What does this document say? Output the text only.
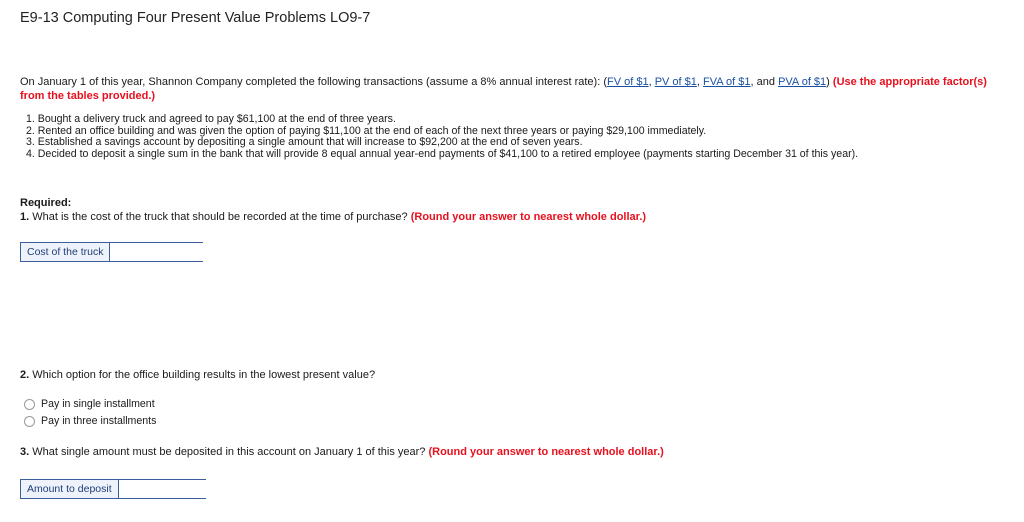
E9-13 Computing Four Present Value Problems LO9-7
On January 1 of this year, Shannon Company completed the following transactions (assume a 8% annual interest rate): (FV of $1, PV of $1, FVA of $1, and PVA of $1) (Use the appropriate factor(s) from the tables provided.)
1. Bought a delivery truck and agreed to pay $61,100 at the end of three years.
2. Rented an office building and was given the option of paying $11,100 at the end of each of the next three years or paying $29,100 immediately.
3. Established a savings account by depositing a single amount that will increase to $92,200 at the end of seven years.
4. Decided to deposit a single sum in the bank that will provide 8 equal annual year-end payments of $41,100 to a retired employee (payments starting December 31 of this year).
Required:
1. What is the cost of the truck that should be recorded at the time of purchase? (Round your answer to nearest whole dollar.)
Cost of the truck
2. Which option for the office building results in the lowest present value?
Pay in single installment
Pay in three installments
3. What single amount must be deposited in this account on January 1 of this year? (Round your answer to nearest whole dollar.)
Amount to deposit
